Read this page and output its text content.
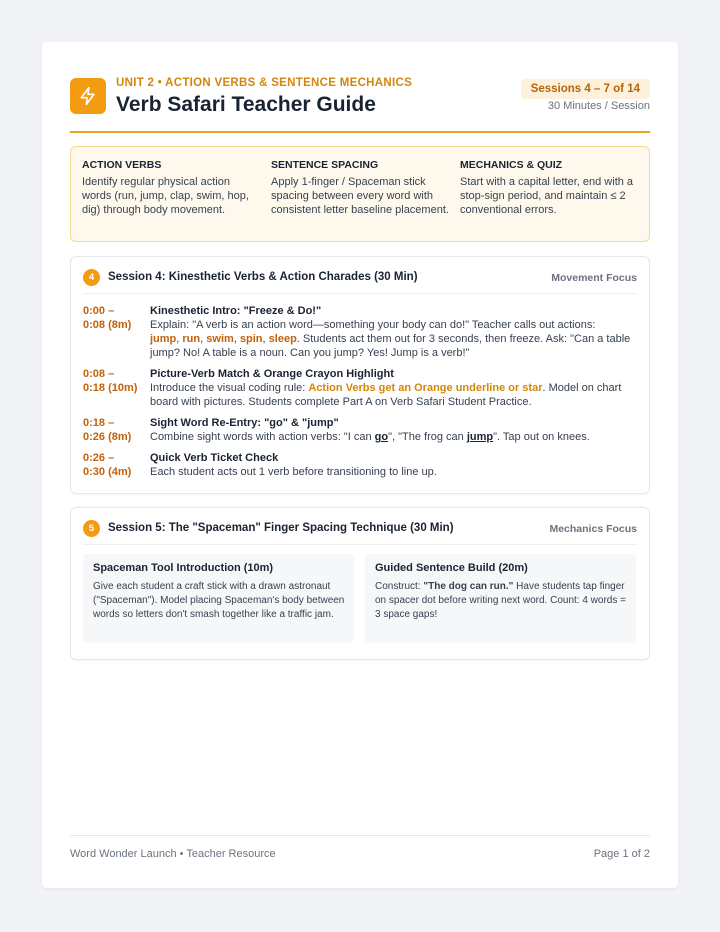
UNIT 2 • ACTION VERBS & SENTENCE MECHANICS
Verb Safari Teacher Guide
Sessions 4 – 7 of 14
30 Minutes / Session
ACTION VERBS

Identify regular physical action words (run, jump, clap, swim, hop, dig) through body movement.

SENTENCE SPACING

Apply 1-finger / Spaceman stick spacing between every word with consistent letter baseline placement.

MECHANICS & QUIZ

Start with a capital letter, end with a stop-sign period, and maintain ≤ 2 conventional errors.

4	Session 4: Kinesthetic Verbs & Action Charades (30 Min)	Movement Focus
0:00 –
0:08 (8m)
Kinesthetic Intro: "Freeze & Do!"

Explain: "A verb is an action word—something your body can do!" Teacher calls out actions:
jump, run, swim, spin, sleep. Students act them out for 3 seconds, then freeze. Ask: "Can a table jump? No! A table is a noun. Can you jump? Yes! Jump is a verb!"

0:08 –
0:18 (10m)
Picture-Verb Match & Orange Crayon Highlight

Introduce the visual coding rule: Action Verbs get an Orange underline or star. Model on chart board with pictures. Students complete Part A on Verb Safari Student Practice.

0:18 –
0:26 (8m)
Sight Word Re-Entry: "go" & "jump"

Combine sight words with action verbs: "I can go", "The frog can jump". Tap out on knees.

0:26 –
0:30 (4m)
Quick Verb Ticket Check

Each student acts out 1 verb before transitioning to line up.

5	Session 5: The "Spaceman" Finger Spacing Technique (30 Min)	Mechanics Focus
Spaceman Tool Introduction (10m)

Give each student a craft stick with a drawn astronaut ("Spaceman"). Model placing Spaceman's body between words so letters don't smash together like a traffic jam.

Guided Sentence Build (20m)

Construct: "The dog can run." Have students tap finger on spacer dot before writing next word. Count: 4 words = 3 space gaps!

Word Wonder Launch • Teacher Resource	Page 1 of 2
